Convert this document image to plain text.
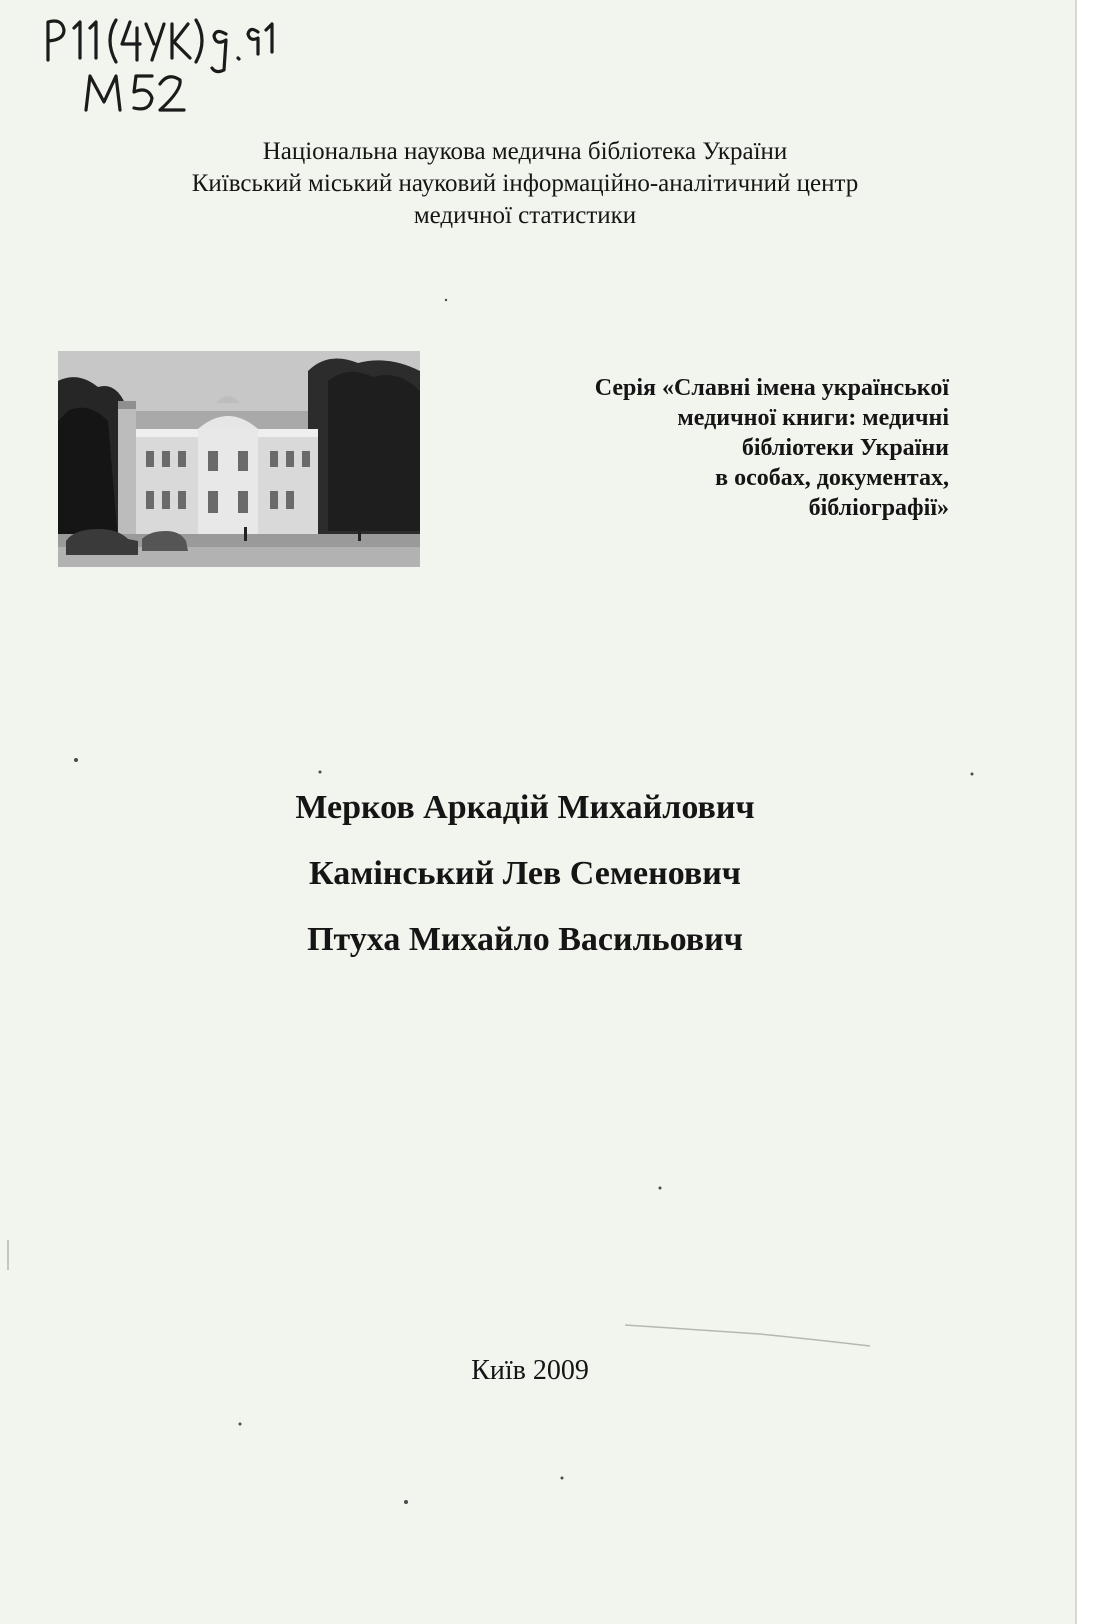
Національна наукова медична бібліотека України
Київський міський науковий інформаційно-аналітичний центр
медичної статистики
Серія «Славні імена української
медичної книги: медичні
бібліотеки України
в особах, документах,
бібліографії»
Мерков Аркадій Михайлович
Камінський Лев Семенович
Птуха Михайло Васильович
Київ 2009
